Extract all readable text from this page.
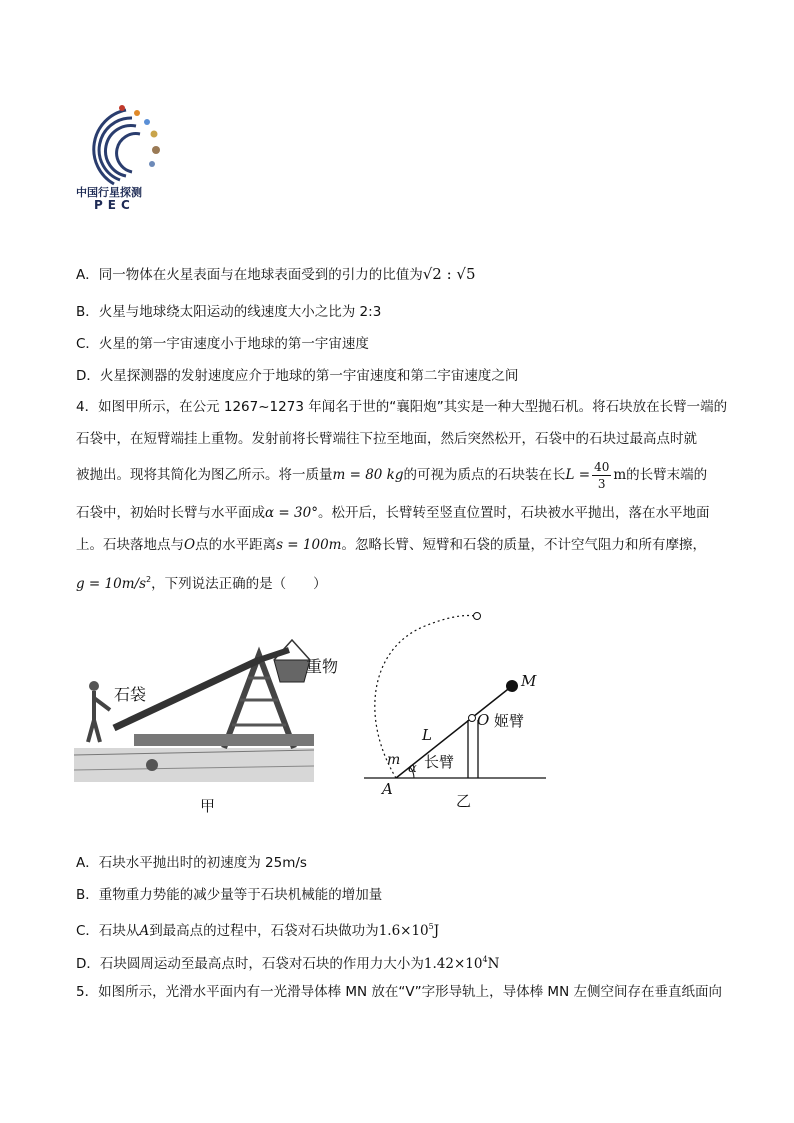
中国行星探测
PEC
A．同一物体在火星表面与在地球表面受到的引力的比值为√2 : √5
B．火星与地球绕太阳运动的线速度大小之比为 2:3
C．火星的第一宇宙速度小于地球的第一宇宙速度
D．火星探测器的发射速度应介于地球的第一宇宙速度和第二宇宙速度之间
4．如图甲所示，在公元 1267~1273 年闻名于世的“襄阳炮”其实是一种大型抛石机。将石块放在长臂一端的
石袋中，在短臂端挂上重物。发射前将长臂端往下拉至地面，然后突然松开，石袋中的石块过最高点时就
被抛出。现将其简化为图乙所示。将一质量m = 80 kg的可视为质点的石块装在长$L = \frac{40}{3}$ m的长臂末端的
石袋中，初始时长臂与水平面成α = 30°。松开后，长臂转至竖直位置时，石块被水平抛出，落在水平地面
上。石块落地点与O点的水平距离s = 100m。忽略长臂、短臂和石袋的质量，不计空气阻力和所有摩擦，
$g = 10m/s^2$，下列说法正确的是（　　）
石袋
重物
甲
M
O 姬臂
L
长臂
m
α
A
乙
A．石块水平抛出时的初速度为 25m/s
B．重物重力势能的减少量等于石块机械能的增加量
C．石块从A到最高点的过程中，石袋对石块做功为$1.6\times 10^5J$
D．石块圆周运动至最高点时，石袋对石块的作用力大小为$1.42\times 10^4N$
5．如图所示，光滑水平面内有一光滑导体棒 MN 放在“V”字形导轨上，导体棒 MN 左侧空间存在垂直纸面向
